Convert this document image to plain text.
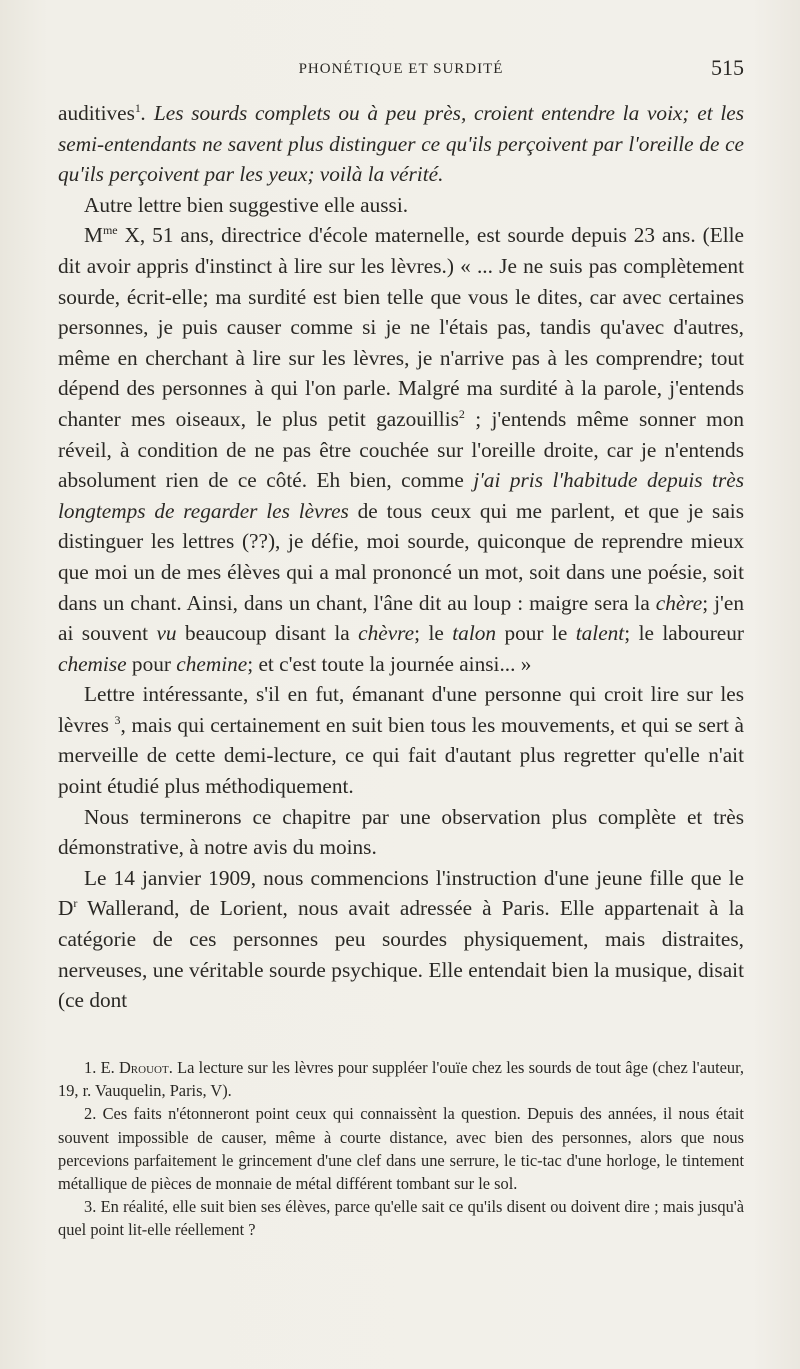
PHONÉTIQUE ET SURDITÉ	515

auditives$^1$. Les sourds complets ou à peu près, croient entendre la voix; et les semi-entendants ne savent plus distinguer ce qu'ils perçoivent par l'oreille de ce qu'ils perçoivent par les yeux; voilà la vérité.

Autre lettre bien suggestive elle aussi.

$M^{me}$ X, 51 ans, directrice d'école maternelle, est sourde depuis 23 ans. (Elle dit avoir appris d'instinct à lire sur les lèvres.) « ... Je ne suis pas complètement sourde, écrit-elle; ma surdité est bien telle que vous le dites, car avec certaines personnes, je puis causer comme si je ne l'étais pas, tandis qu'avec d'autres, même en cherchant à lire sur les lèvres, je n'arrive pas à les comprendre; tout dépend des personnes à qui l'on parle. Malgré ma surdité à la parole, j'entends chanter mes oiseaux, le plus petit gazouillis$^2$ ; j'entends même sonner mon réveil, à condition de ne pas être couchée sur l'oreille droite, car je n'entends absolument rien de ce côté. Eh bien, comme j'ai pris l'habitude depuis très longtemps de regarder les lèvres de tous ceux qui me parlent, et que je sais distinguer les lettres (??), je défie, moi sourde, quiconque de reprendre mieux que moi un de mes élèves qui a mal prononcé un mot, soit dans une poésie, soit dans un chant. Ainsi, dans un chant, l'âne dit au loup : maigre sera la chère; j'en ai souvent vu beaucoup disant la chèvre; le talon pour le talent; le laboureur chemise pour chemine; et c'est toute la journée ainsi... »

Lettre intéressante, s'il en fut, émanant d'une personne qui croit lire sur les lèvres $^3$, mais qui certainement en suit bien tous les mouvements, et qui se sert à merveille de cette demi-lecture, ce qui fait d'autant plus regretter qu'elle n'ait point étudié plus méthodiquement.

Nous terminerons ce chapitre par une observation plus complète et très démonstrative, à notre avis du moins.

Le 14 janvier 1909, nous commencions l'instruction d'une jeune fille que le $D^r$ Wallerand, de Lorient, nous avait adressée à Paris. Elle appartenait à la catégorie de ces personnes peu sourdes physiquement, mais distraites, nerveuses, une véritable sourde psychique. Elle entendait bien la musique, disait (ce dont

1. E. Drouot. La lecture sur les lèvres pour suppléer l'ouïe chez les sourds de tout âge (chez l'auteur, 19, r. Vauquelin, Paris, V).

2. Ces faits n'étonneront point ceux qui connaissènt la question. Depuis des années, il nous était souvent impossible de causer, même à courte distance, avec bien des personnes, alors que nous percevions parfaitement le grincement d'une clef dans une serrure, le tic-tac d'une horloge, le tintement métallique de pièces de monnaie de métal différent tombant sur le sol.

3. En réalité, elle suit bien ses élèves, parce qu'elle sait ce qu'ils disent ou doivent dire ; mais jusqu'à quel point lit-elle réellement ?
